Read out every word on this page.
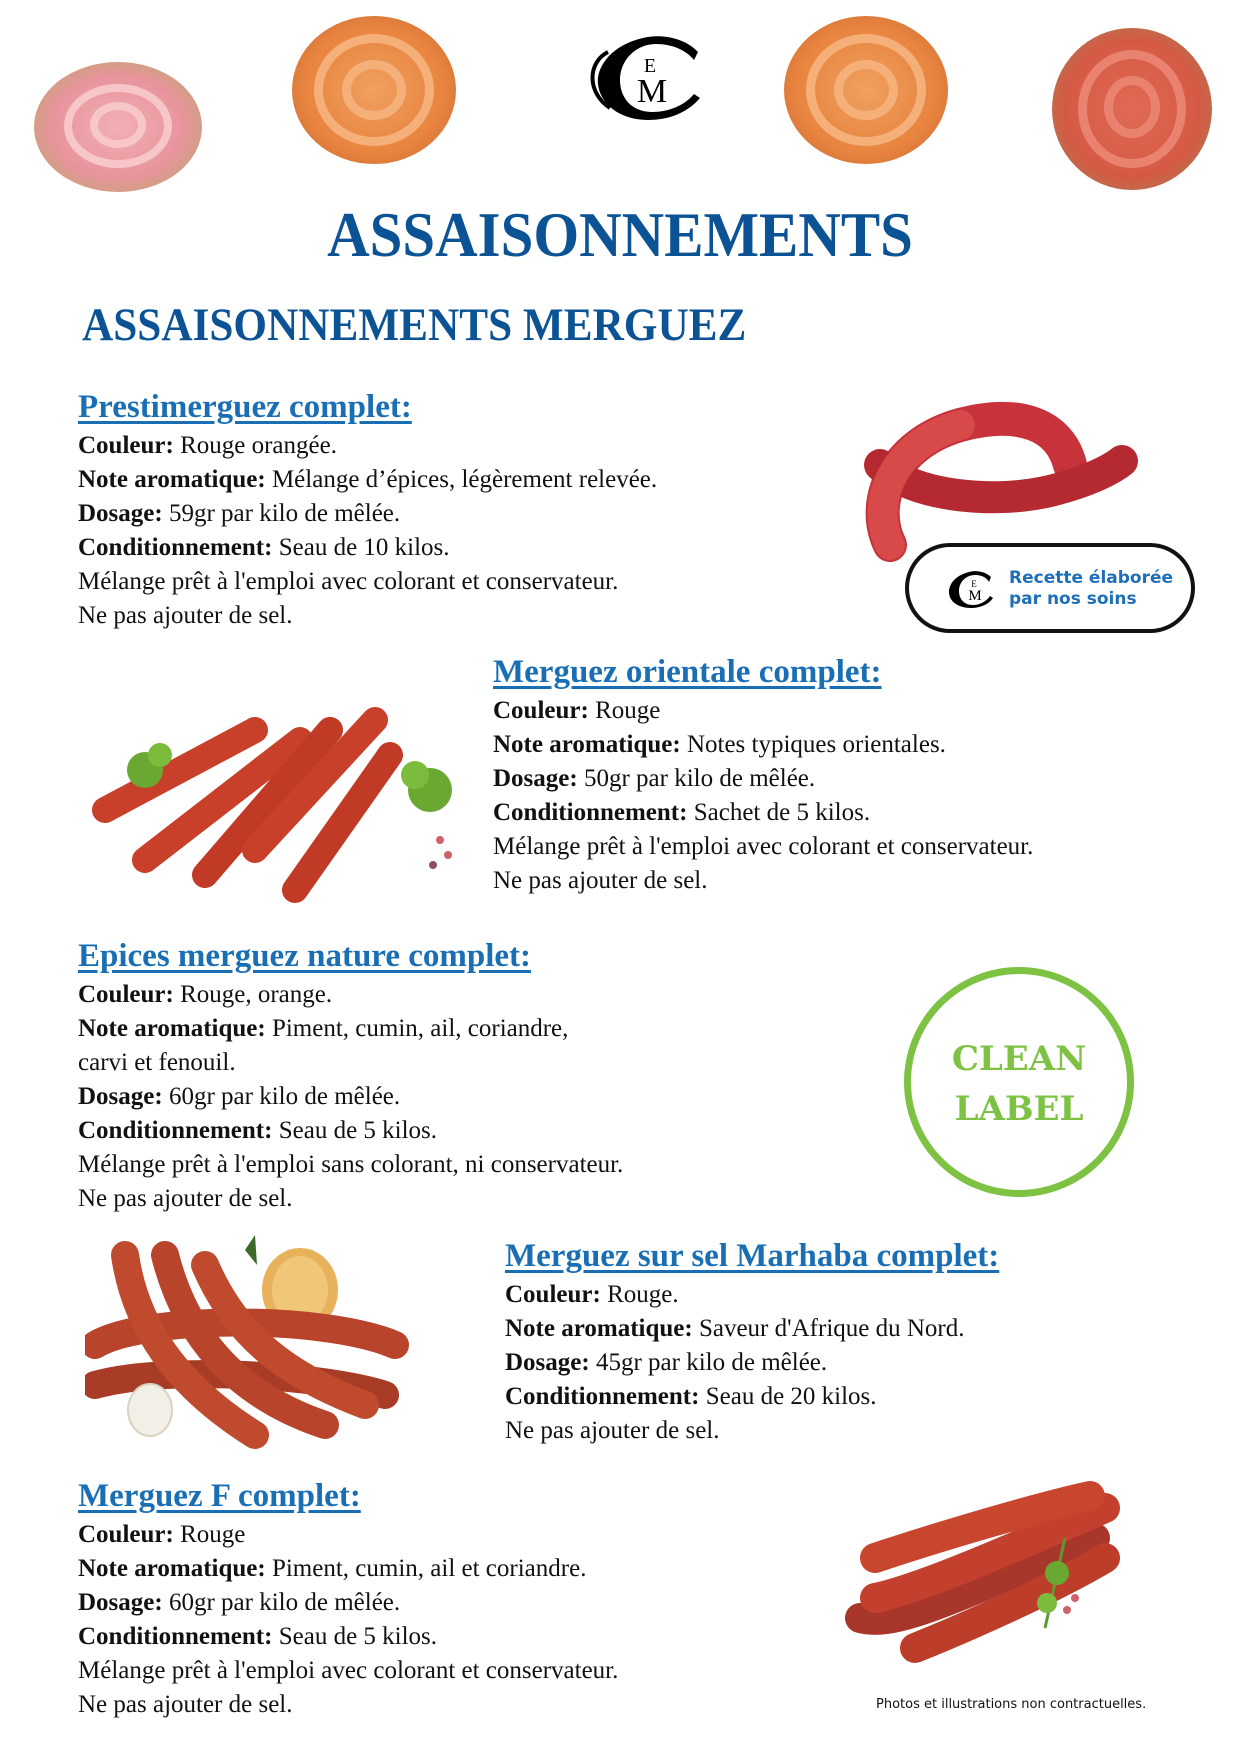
E
M
ASSAISONNEMENTS
ASSAISONNEMENTS MERGUEZ
Prestimerguez complet:
Couleur: Rouge orangée.
Note aromatique: Mélange d’épices, légèrement relevée.
Dosage: 59gr par kilo de mêlée.
Conditionnement: Seau de 10 kilos.
Mélange prêt à l'emploi avec colorant et conservateur.
Ne pas ajouter de sel.
E
M
Recette élaborée
par nos soins
Merguez orientale complet:
Couleur: Rouge
Note aromatique: Notes typiques orientales.
Dosage: 50gr par kilo de mêlée.
Conditionnement: Sachet de 5 kilos.
Mélange prêt à l'emploi avec colorant et conservateur.
Ne pas ajouter de sel.
Epices merguez nature complet:
Couleur: Rouge, orange.
Note aromatique: Piment, cumin, ail, coriandre,
carvi et fenouil.
Dosage: 60gr par kilo de mêlée.
Conditionnement: Seau de 5 kilos.
Mélange prêt à l'emploi sans colorant, ni conservateur.
Ne pas ajouter de sel.
CLEAN
LABEL
Merguez sur sel Marhaba complet:
Couleur: Rouge.
Note aromatique: Saveur d'Afrique du Nord.
Dosage: 45gr par kilo de mêlée.
Conditionnement: Seau de 20 kilos.
Ne pas ajouter de sel.
Merguez F complet:
Couleur: Rouge
Note aromatique: Piment, cumin, ail et coriandre.
Dosage: 60gr par kilo de mêlée.
Conditionnement: Seau de 5 kilos.
Mélange prêt à l'emploi avec colorant et conservateur.
Ne pas ajouter de sel.	Photos et illustrations non contractuelles.
